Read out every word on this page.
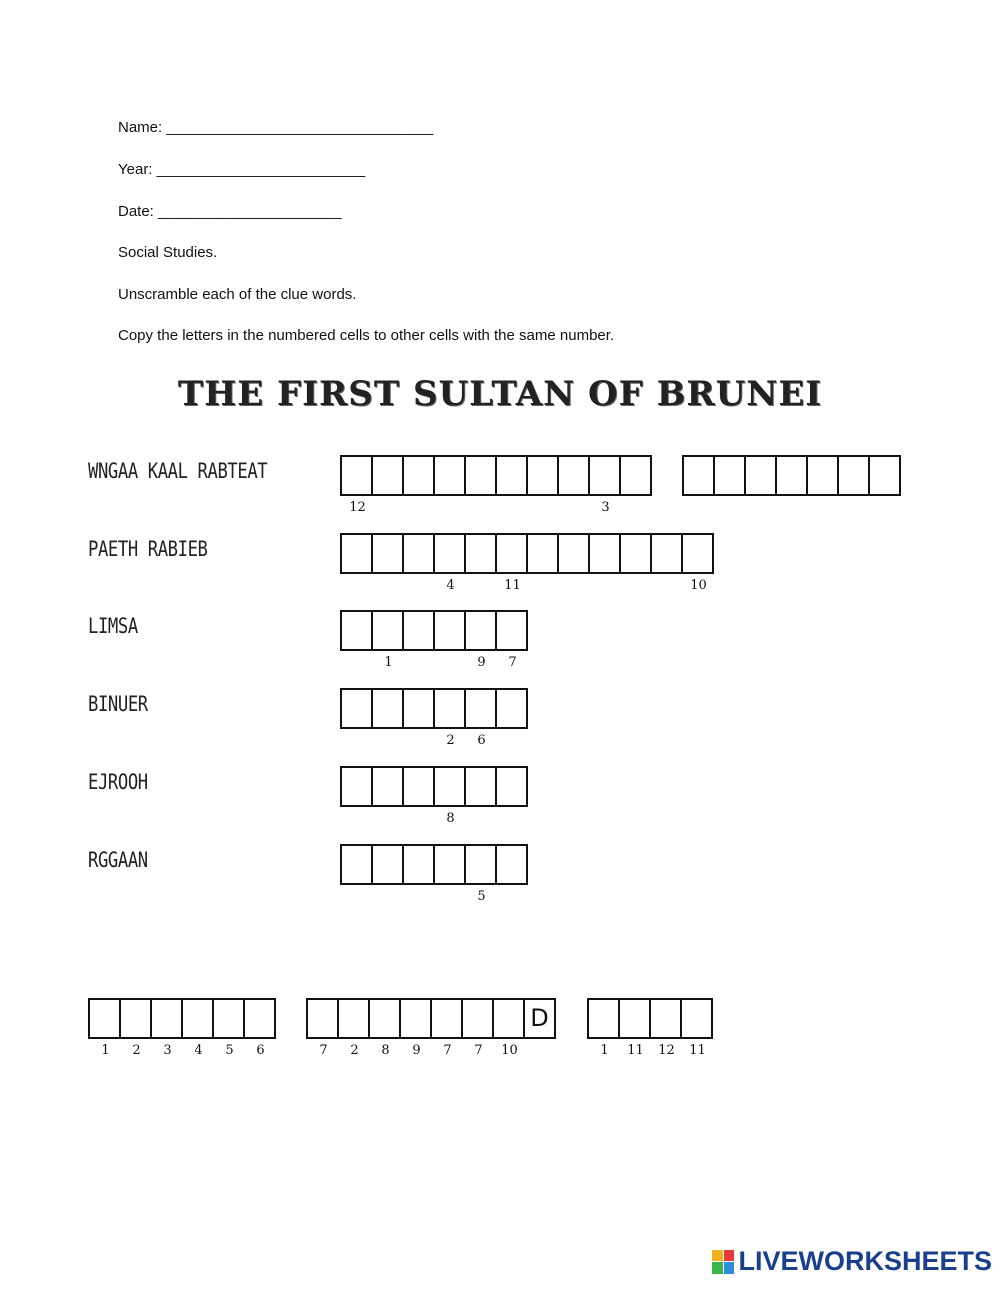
Name: ________________________________
Year: _________________________
Date: ______________________
Social Studies.
Unscramble each of the clue words.
Copy the letters in the numbered cells to other cells with the same number.
THE FIRST SULTAN OF BRUNEI
WNGAA KAAL RABTEAT
12	3
PAETH RABIEB
4	11	10
LIMSA
1	9	7
BINUER
2	6
EJROOH
8
RGGAAN
5
1	2	3	4	5	6	7	2	8	9	7	7	10
D
1	11	12	11
LIVEWORKSHEETS
